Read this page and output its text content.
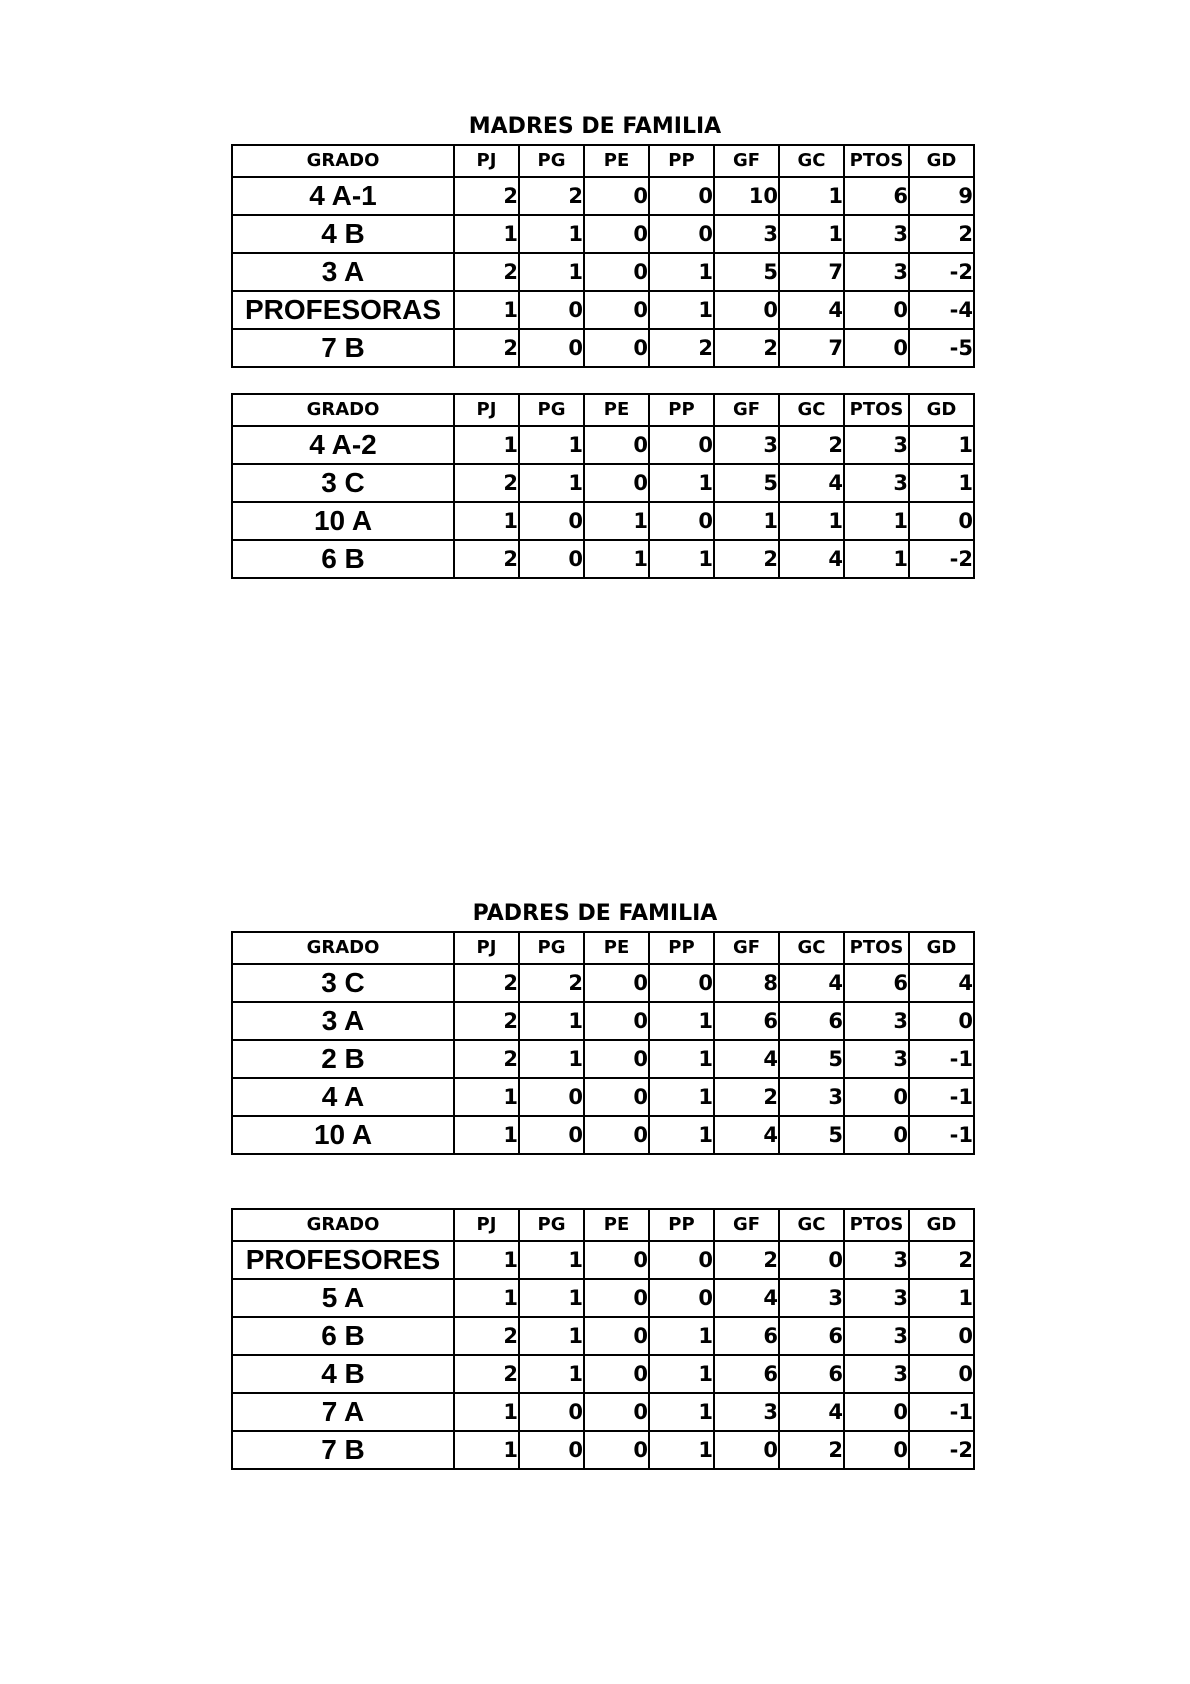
MADRES DE FAMILIA
GRADO	PJ	PG	PE	PP	GF	GC	PTOS	GD
4 A-1	2	2	0	0	10	1	6	9
4 B	1	1	0	0	3	1	3	2
3 A	2	1	0	1	5	7	3	-2
PROFESORAS	1	0	0	1	0	4	0	-4
7 B	2	0	0	2	2	7	0	-5
GRADO	PJ	PG	PE	PP	GF	GC	PTOS	GD
4 A-2	1	1	0	0	3	2	3	1
3 C	2	1	0	1	5	4	3	1
10 A	1	0	1	0	1	1	1	0
6 B	2	0	1	1	2	4	1	-2
PADRES DE FAMILIA
GRADO	PJ	PG	PE	PP	GF	GC	PTOS	GD
3 C	2	2	0	0	8	4	6	4
3 A	2	1	0	1	6	6	3	0
2 B	2	1	0	1	4	5	3	-1
4 A	1	0	0	1	2	3	0	-1
10 A	1	0	0	1	4	5	0	-1
GRADO	PJ	PG	PE	PP	GF	GC	PTOS	GD
PROFESORES	1	1	0	0	2	0	3	2
5 A	1	1	0	0	4	3	3	1
6 B	2	1	0	1	6	6	3	0
4 B	2	1	0	1	6	6	3	0
7 A	1	0	0	1	3	4	0	-1
7 B	1	0	0	1	0	2	0	-2
